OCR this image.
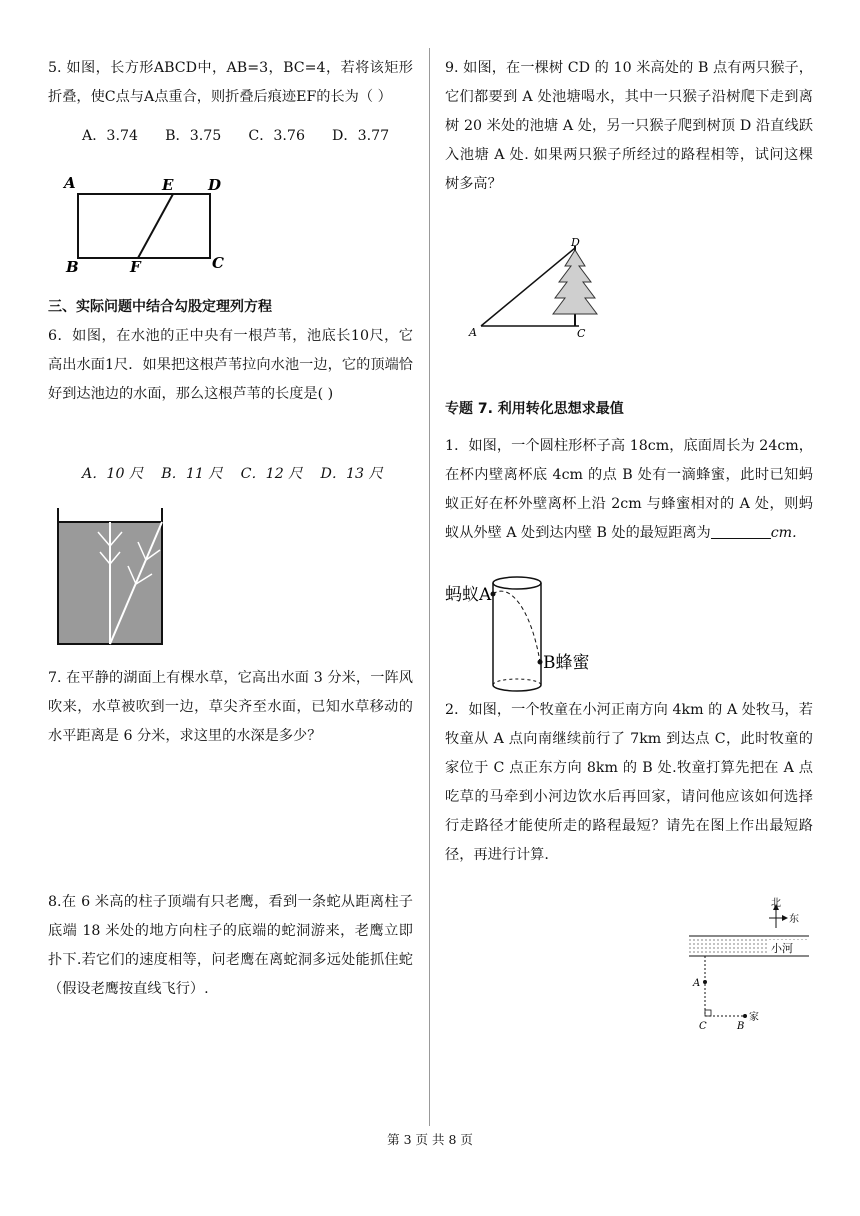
5. 如图，长方形ABCD中，AB=3，BC=4，若将该矩形折叠，使C点与A点重合，则折叠后痕迹EF的长为（ ）

A．3.74      B．3.75      C．3.76      D．3.77

A	E D
B	F	C
三、实际问题中结合勾股定理列方程

6．如图，在水池的正中央有一根芦苇，池底长10尺，它高出水面1尺．如果把这根芦苇拉向水池一边，它的顶端恰好到达池边的水面，那么这根芦苇的长度是( )

A．10 尺    B．11 尺    C．12 尺    D．13 尺

7. 在平静的湖面上有棵水草，它高出水面 3 分米，一阵风吹来，水草被吹到一边，草尖齐至水面，已知水草移动的水平距离是 6 分米，求这里的水深是多少？

8.在 6 米高的柱子顶端有只老鹰，看到一条蛇从距离柱子底端 18 米处的地方向柱子的底端的蛇洞游来，老鹰立即扑下.若它们的速度相等，问老鹰在离蛇洞多远处能抓住蛇（假设老鹰按直线飞行）.

9. 如图，在一棵树 CD 的 10 米高处的 B 点有两只猴子，它们都要到 A 处池塘喝水，其中一只猴子沿树爬下走到离树 20 米处的池塘 A 处，另一只猴子爬到树顶 D 沿直线跃入池塘 A 处. 如果两只猴子所经过的路程相等，试问这棵树多高？

D
A	C
专题 7. 利用转化思想求最值

1．如图，一个圆柱形杯子高 18cm，底面周长为 24cm，在杯内壁离杯底 4cm 的点 B 处有一滴蜂蜜，此时已知蚂蚁正好在杯外壁离杯上沿 2cm 与蜂蜜相对的 A 处，则蚂蚁从外壁 A 处到达内壁 B 处的最短距离为	cm.

蚂蚁A
B蜂蜜

2．如图，一个牧童在小河正南方向 4km 的 A 处牧马，若牧童从 A 点向南继续前行了 7km 到达点 C，此时牧童的家位于 C 点正东方向 8km 的 B 处.牧童打算先把在 A 点吃草的马牵到小河边饮水后再回家，请问他应该如何选择行走路径才能使所走的路程最短？请先在图上作出最短路径，再进行计算.

北
东
小河
A
C	B
家
第 3 页 共 8 页
